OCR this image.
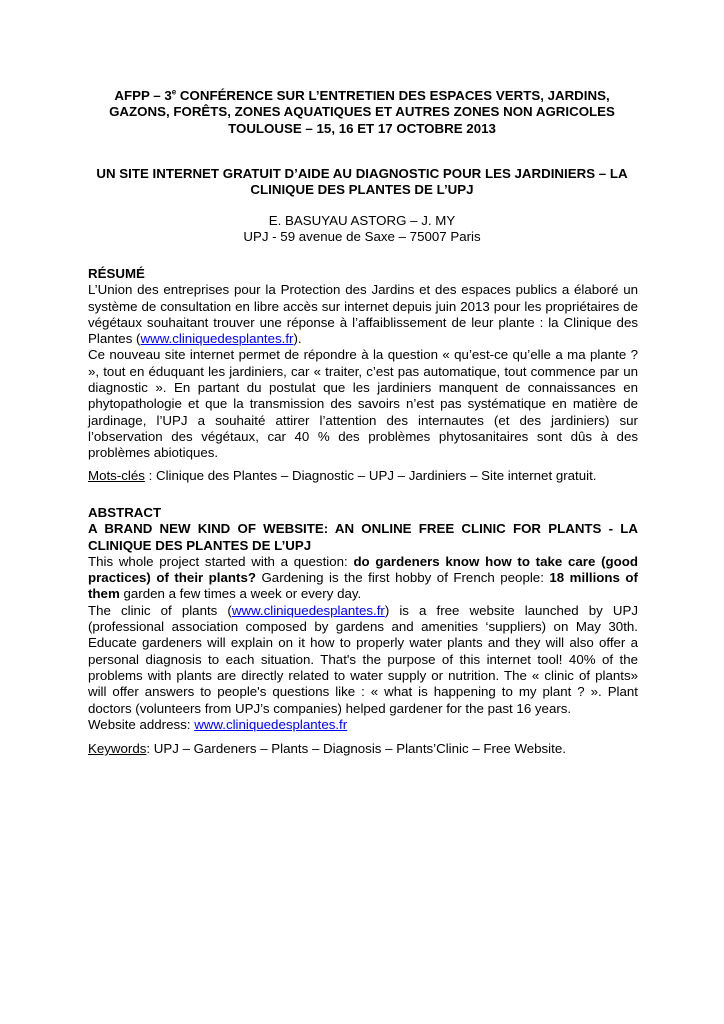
AFPP – 3e CONFÉRENCE SUR L’ENTRETIEN DES ESPACES VERTS, JARDINS,
GAZONS, FORÊTS, ZONES AQUATIQUES ET AUTRES ZONES NON AGRICOLES
TOULOUSE – 15, 16 ET 17 OCTOBRE 2013
UN SITE INTERNET GRATUIT D’AIDE AU DIAGNOSTIC POUR LES JARDINIERS – LA
CLINIQUE DES PLANTES DE L’UPJ
E. BASUYAU ASTORG – J. MY
UPJ - 59 avenue de Saxe – 75007 Paris
RÉSUMÉ

L’Union des entreprises pour la Protection des Jardins et des espaces publics a élaboré un système de consultation en libre accès sur internet depuis juin 2013 pour les propriétaires de végétaux souhaitant trouver une réponse à l’affaiblissement de leur plante : la Clinique des Plantes (www.cliniquedesplantes.fr).

Ce nouveau site internet permet de répondre à la question « qu’est-ce qu’elle a ma plante ? », tout en éduquant les jardiniers, car « traiter, c’est pas automatique, tout commence par un diagnostic ». En partant du postulat que les jardiniers manquent de connaissances en phytopathologie et que la transmission des savoirs n’est pas systématique en matière de jardinage, l’UPJ a souhaité attirer l’attention des internautes (et des jardiniers) sur l’observation des végétaux, car 40 % des problèmes phytosanitaires sont dûs à des problèmes abiotiques.

Mots-clés : Clinique des Plantes – Diagnostic – UPJ – Jardiniers – Site internet gratuit.
ABSTRACT
A BRAND NEW KIND OF WEBSITE: AN ONLINE FREE CLINIC FOR PLANTS - LA
CLINIQUE DES PLANTES DE L’UPJ

This whole project started with a question: do gardeners know how to take care (good practices) of their plants? Gardening is the first hobby of French people: 18 millions of them garden a few times a week or every day.

The clinic of plants (www.cliniquedesplantes.fr) is a free website launched by UPJ (professional association composed by gardens and amenities ‘suppliers) on May 30th. Educate gardeners will explain on it how to properly water plants and they will also offer a personal diagnosis to each situation. That's the purpose of this internet tool! 40% of the problems with plants are directly related to water supply or nutrition. The « clinic of plants» will offer answers to people's questions like : « what is happening to my plant ? ». Plant doctors (volunteers from UPJ’s companies) helped gardener for the past 16 years.

Website address: www.cliniquedesplantes.fr

Keywords: UPJ – Gardeners – Plants – Diagnosis – Plants’Clinic – Free Website.
